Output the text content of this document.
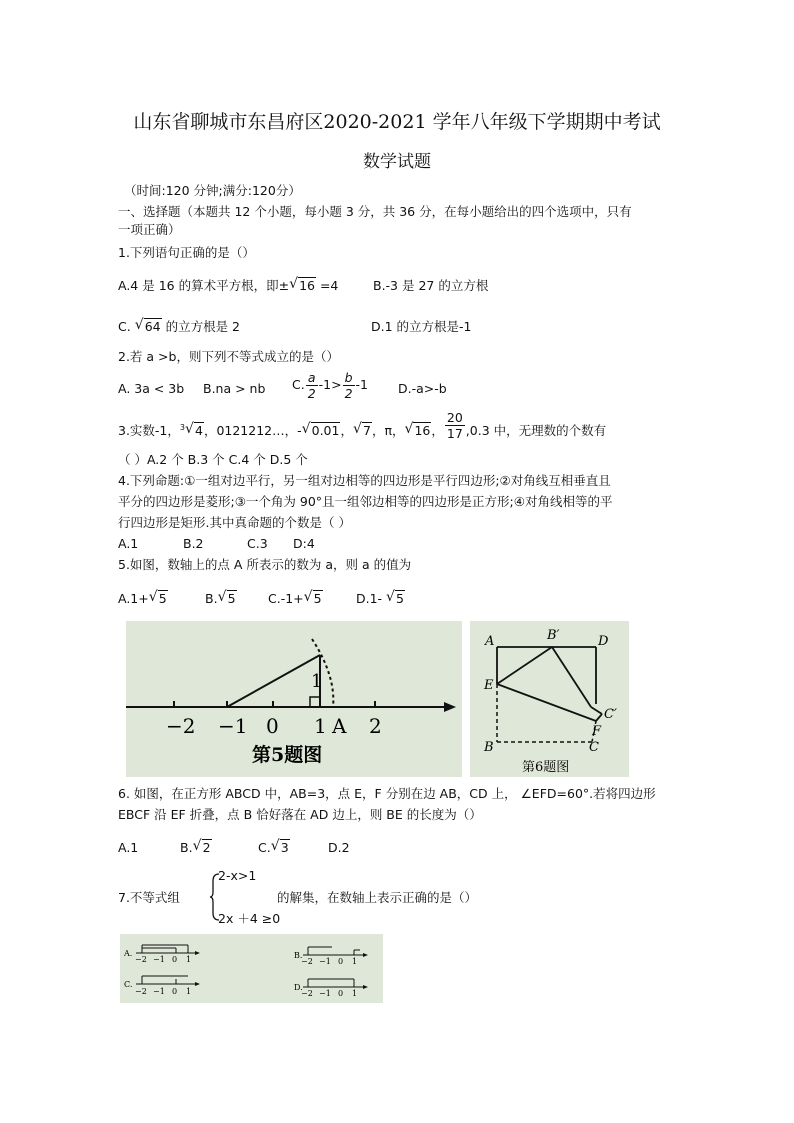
山东省聊城市东昌府区2020-2021 学年八年级下学期期中考试
数学试题
（时间:120 分钟;满分:120分）
一、选择题（本题共 12 个小题，每小题 3 分，共 36 分，在每小题给出的四个选项中，只有
一项正确）
1.下列语句正确的是（）
A.4 是 16 的算术平方根，即± √ 16 =4	B.-3 是 27 的立方根
C. √ 64 的立方根是 2	D.1 的立方根是-1
2.若 a >b，则下列不等式成立的是（）
A. 3a < 3b B.na > nb C. $\frac{a}{2} -1> \frac{b}{2} -1$ D.-a>-b
3.实数-1，$^3$ √ 4，0121212…，- √ 0.01， √ 7，π， √ 16， $\frac{20}{17} ,0.3$ 中，无理数的个数有
（ ）A.2 个 B.3 个 C.4 个 D.5 个
4.下列命题:①一组对边平行，另一组对边相等的四边形是平行四边形;②对角线互相垂直且
平分的四边形是菱形;③一个角为 90°且一组邻边相等的四边形是正方形;④对角线相等的平
行四边形是矩形.其中真命题的个数是（ ）
A.1	B.2	C.3 D:4
5.如图，数轴上的点 A 所表示的数为 a，则 a 的值为
A.1+ √ 5	B. √ 5	C.-1+ √ 5	D.1- √ 5
−2 −1 0 1 A 2
1
第5题图
A	B′	D
E
C′
F
B	C
第6题图
6. 如图，在正方形 ABCD 中，AB=3，点 E，F 分别在边 AB，CD 上， ∠EFD=60°.若将四边形
EBCF 沿 EF 折叠，点 B 恰好落在 AD 边上，则 BE 的长度为（）
A.1	B. √ 2	C. √ 3	D.2
7.不等式组
2-x>1
2x ＋4 ≥0
的解集，在数轴上表示正确的是（）
A.
−2 −1 0 1	B.
−2 −1 0 1
C.
−2 −1 0 1	D.
−2 −1 0 1
